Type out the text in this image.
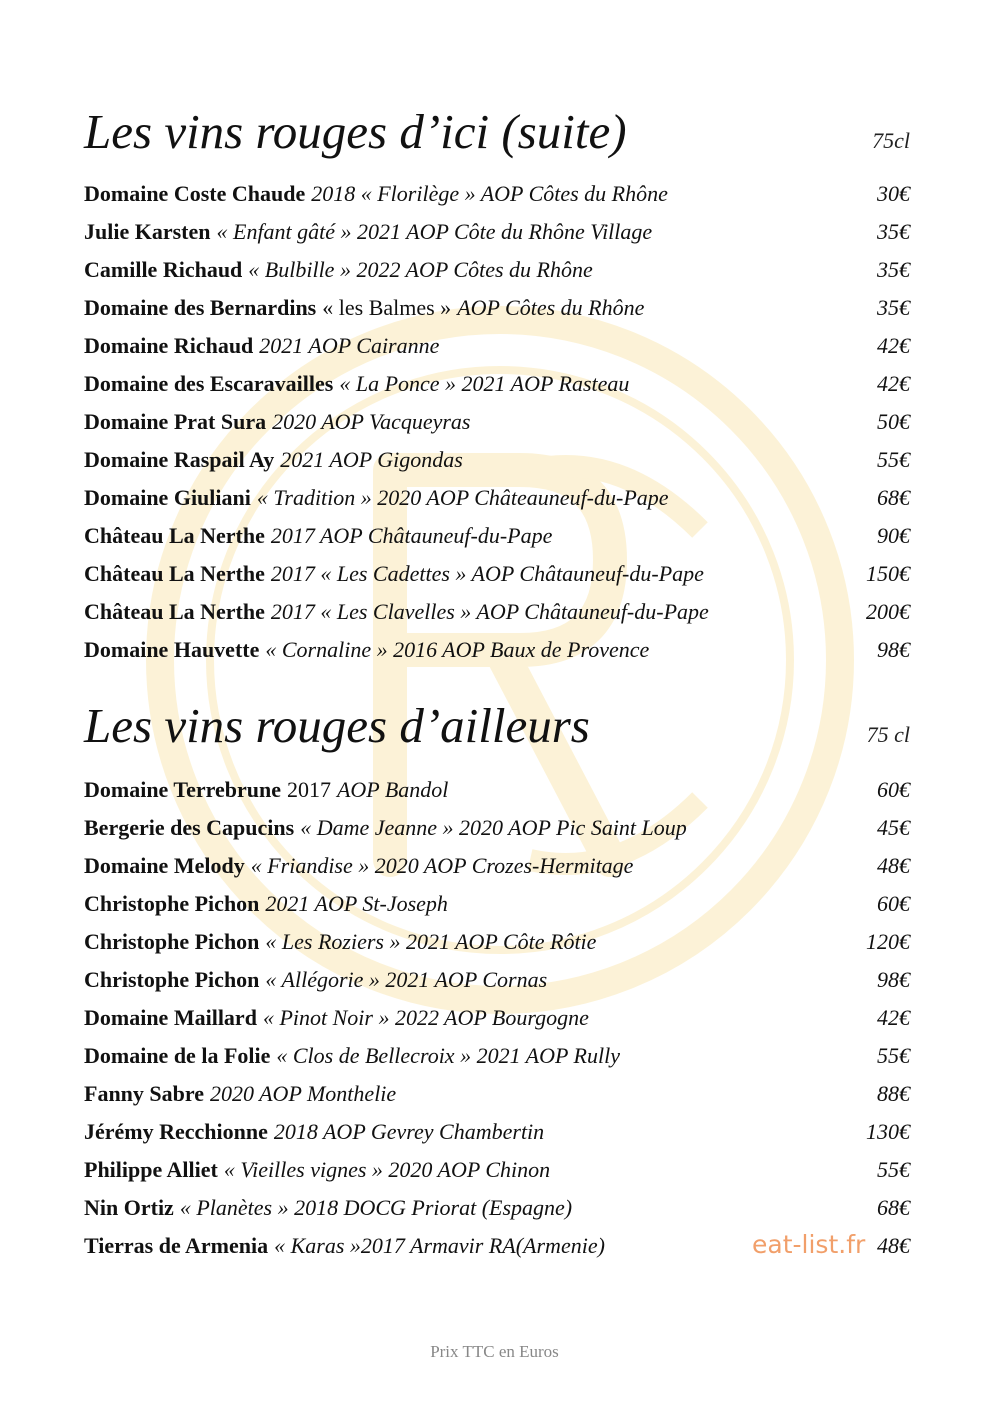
Les vins rouges d’ici (suite)	75cl
Domaine Coste Chaude 2018 « Florilège » AOP Côtes du Rhône	30€
Julie Karsten « Enfant gâté » 2021 AOP Côte du Rhône Village	35€
Camille Richaud « Bulbille » 2022 AOP Côtes du Rhône	35€
Domaine des Bernardins « les Balmes » AOP Côtes du Rhône	35€
Domaine Richaud 2021 AOP Cairanne	42€
Domaine des Escaravailles « La Ponce » 2021 AOP Rasteau	42€
Domaine Prat Sura 2020 AOP Vacqueyras	50€
Domaine Raspail Ay 2021 AOP Gigondas	55€
Domaine Giuliani « Tradition » 2020 AOP Châteauneuf-du-Pape	68€
Château La Nerthe 2017 AOP Châtauneuf-du-Pape	90€
Château La Nerthe 2017 « Les Cadettes » AOP Châtauneuf-du-Pape	150€
Château La Nerthe 2017 « Les Clavelles » AOP Châtauneuf-du-Pape	200€
Domaine Hauvette « Cornaline » 2016 AOP Baux de Provence	98€
Les vins rouges d’ailleurs	75 cl
Domaine Terrebrune 2017 AOP Bandol	60€
Bergerie des Capucins « Dame Jeanne » 2020 AOP Pic Saint Loup	45€
Domaine Melody « Friandise » 2020 AOP Crozes-Hermitage	48€
Christophe Pichon 2021 AOP St-Joseph	60€
Christophe Pichon « Les Roziers » 2021 AOP Côte Rôtie	120€
Christophe Pichon « Allégorie » 2021 AOP Cornas	98€
Domaine Maillard « Pinot Noir » 2022 AOP Bourgogne	42€
Domaine de la Folie « Clos de Bellecroix » 2021 AOP Rully	55€
Fanny Sabre 2020 AOP Monthelie	88€
Jérémy Recchionne 2018 AOP Gevrey Chambertin	130€
Philippe Alliet « Vieilles vignes » 2020 AOP Chinon	55€
Nin Ortiz « Planètes » 2018 DOCG Priorat (Espagne)	68€
Tierras de Armenia « Karas »2017 Armavir RA(Armenie)	48€
eat-list.fr
Prix TTC en Euros
